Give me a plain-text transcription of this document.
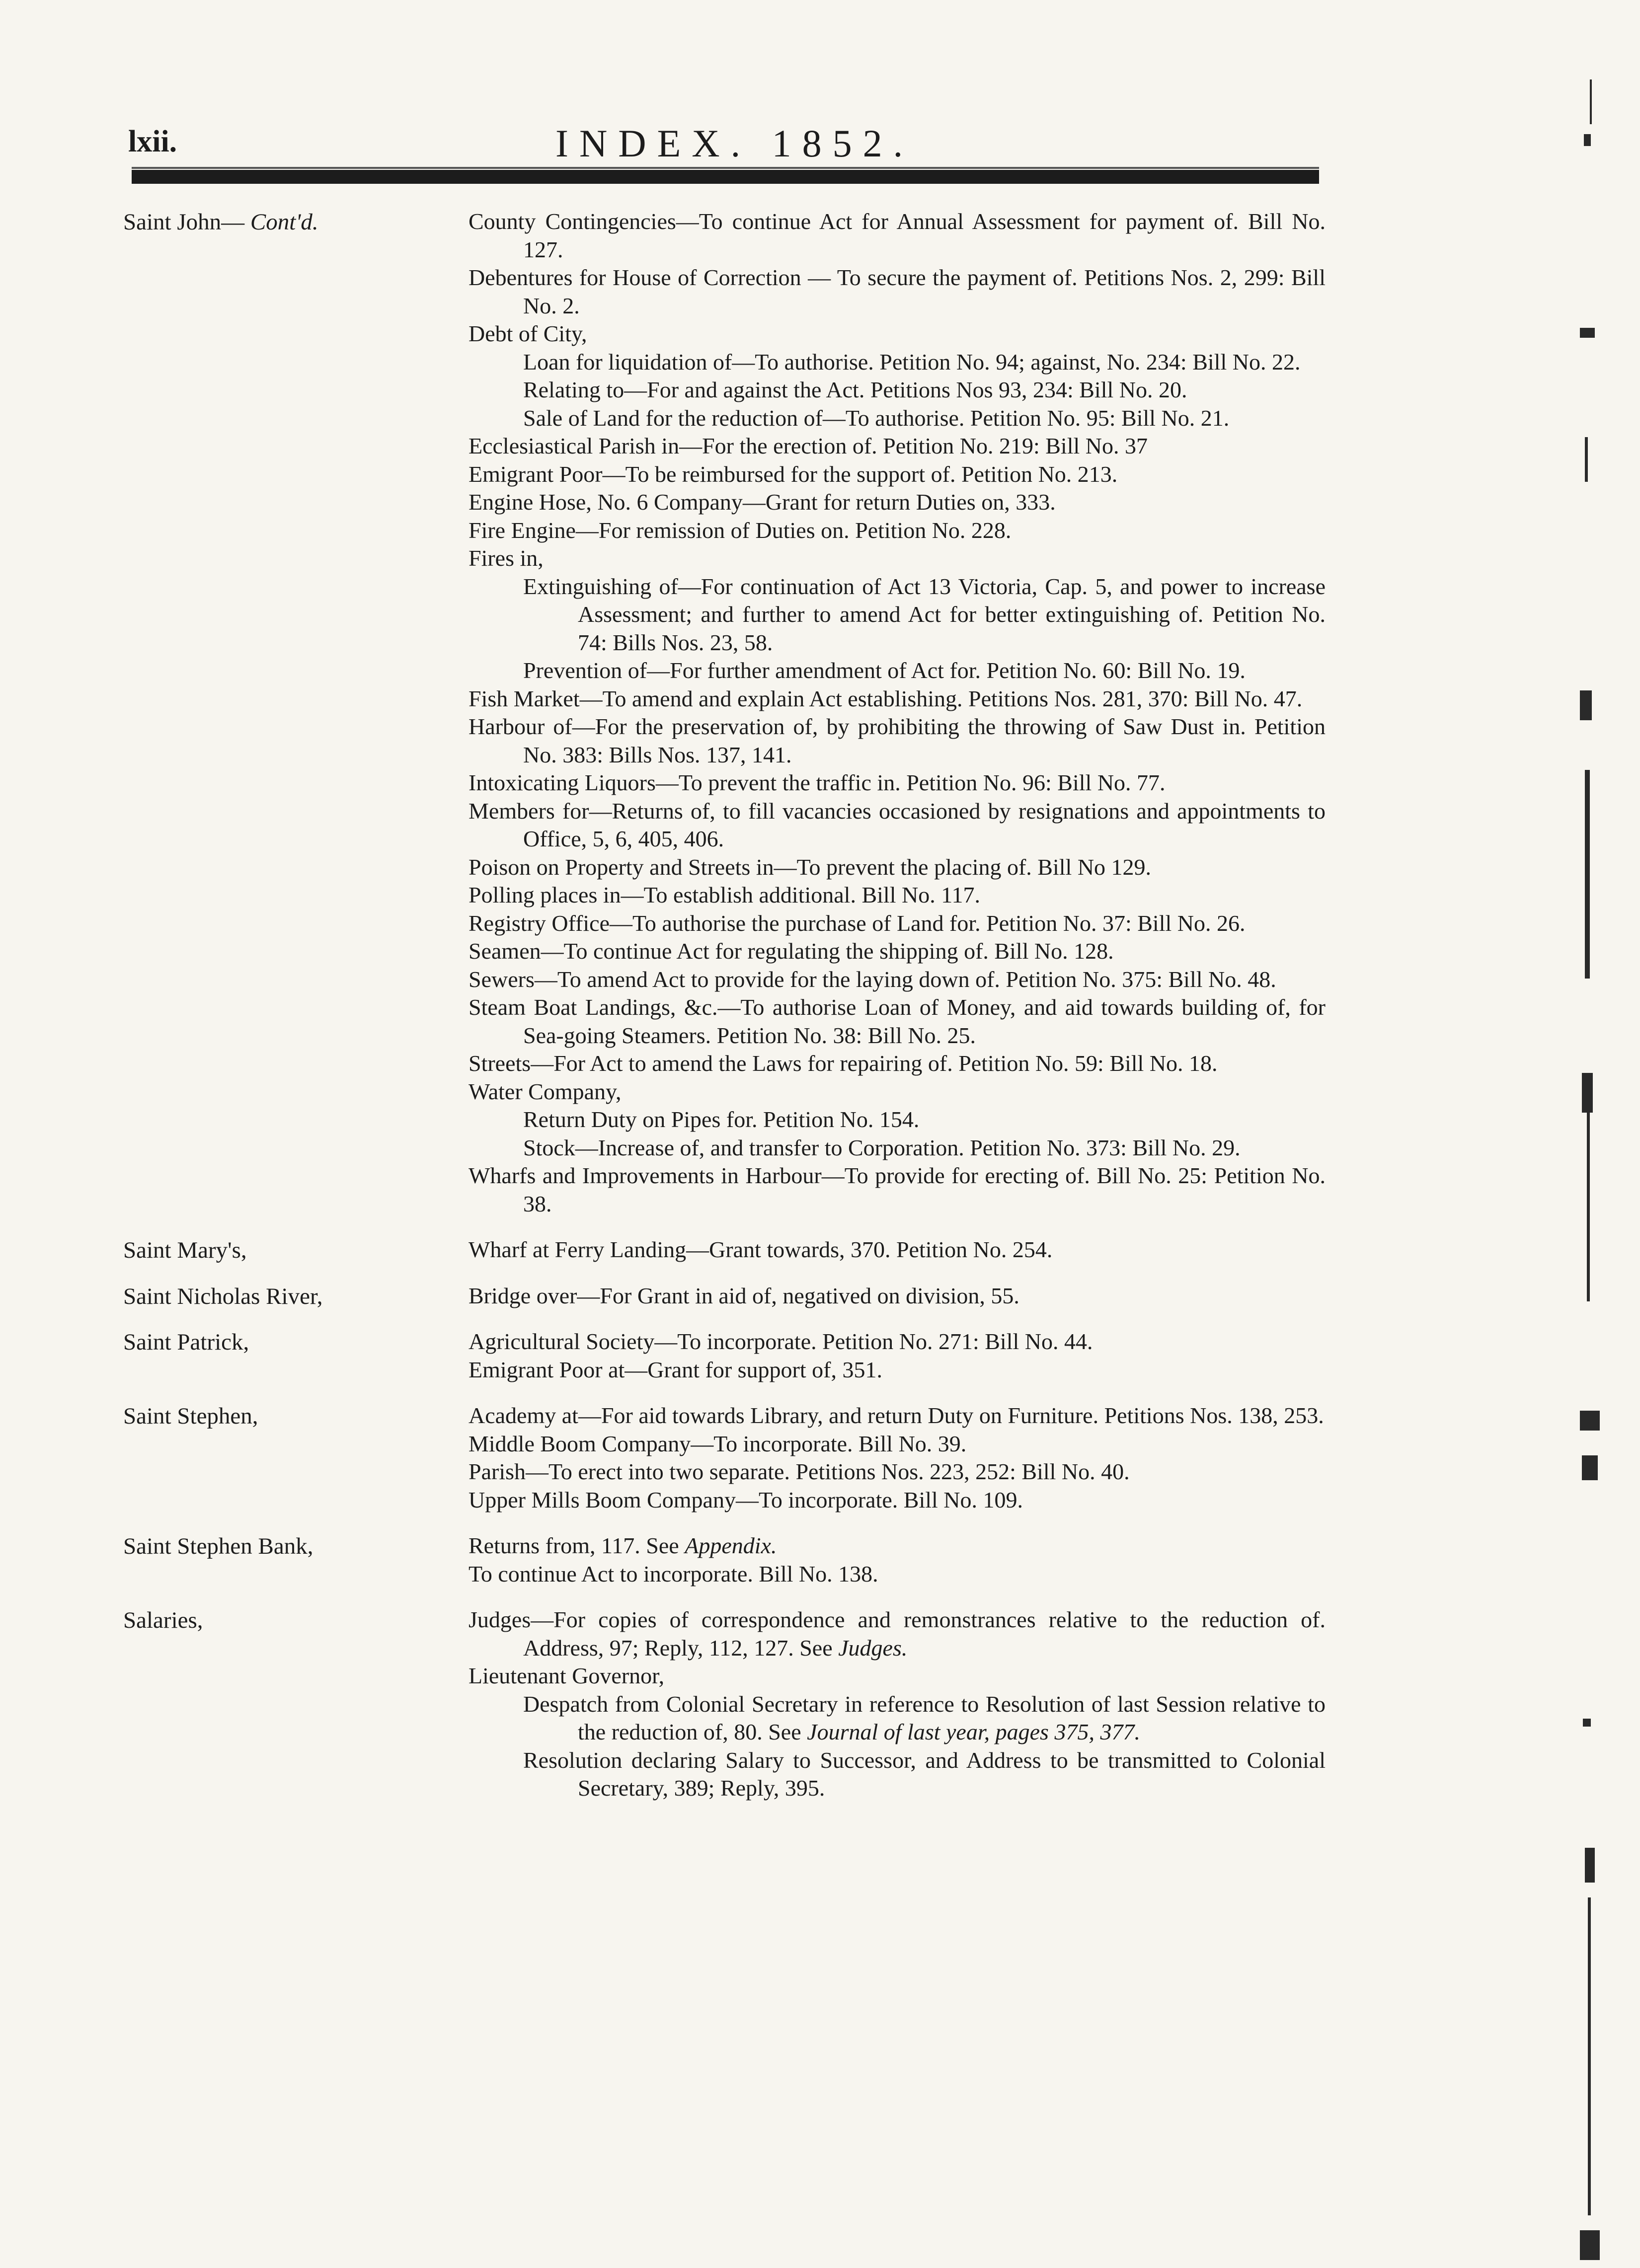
lxii.	INDEX. 1852.
Saint John— Cont'd.	County Contingencies—To continue Act for Annual Assessment for payment of. Bill No. 127.
Debentures for House of Correction — To secure the payment of. Petitions Nos. 2, 299: Bill No. 2.
Debt of City,
Loan for liquidation of—To authorise. Petition No. 94; against, No. 234: Bill No. 22.
Relating to—For and against the Act. Petitions Nos 93, 234: Bill No. 20.
Sale of Land for the reduction of—To authorise. Petition No. 95: Bill No. 21.
Ecclesiastical Parish in—For the erection of. Petition No. 219: Bill No. 37
Emigrant Poor—To be reimbursed for the support of. Petition No. 213.
Engine Hose, No. 6 Company—Grant for return Duties on, 333.
Fire Engine—For remission of Duties on. Petition No. 228.
Fires in,
Extinguishing of—For continuation of Act 13 Victoria, Cap. 5, and power to increase Assessment; and further to amend Act for better extinguishing of. Petition No. 74: Bills Nos. 23, 58.
Prevention of—For further amendment of Act for. Petition No. 60: Bill No. 19.
Fish Market—To amend and explain Act establishing. Petitions Nos. 281, 370: Bill No. 47.
Harbour of—For the preservation of, by prohibiting the throwing of Saw Dust in. Petition No. 383: Bills Nos. 137, 141.
Intoxicating Liquors—To prevent the traffic in. Petition No. 96: Bill No. 77.
Members for—Returns of, to fill vacancies occasioned by resignations and appointments to Office, 5, 6, 405, 406.
Poison on Property and Streets in—To prevent the placing of. Bill No 129.
Polling places in—To establish additional. Bill No. 117.
Registry Office—To authorise the purchase of Land for. Petition No. 37: Bill No. 26.
Seamen—To continue Act for regulating the shipping of. Bill No. 128.
Sewers—To amend Act to provide for the laying down of. Petition No. 375: Bill No. 48.
Steam Boat Landings, &c.—To authorise Loan of Money, and aid towards building of, for Sea-going Steamers. Petition No. 38: Bill No. 25.
Streets—For Act to amend the Laws for repairing of. Petition No. 59: Bill No. 18.
Water Company,
Return Duty on Pipes for. Petition No. 154.
Stock—Increase of, and transfer to Corporation. Petition No. 373: Bill No. 29.
Wharfs and Improvements in Harbour—To provide for erecting of. Bill No. 25: Petition No. 38.
Saint Mary's,	Wharf at Ferry Landing—Grant towards, 370. Petition No. 254.
Saint Nicholas River,	Bridge over—For Grant in aid of, negatived on division, 55.
Saint Patrick,	Agricultural Society—To incorporate. Petition No. 271: Bill No. 44.
Emigrant Poor at—Grant for support of, 351.
Saint Stephen,	Academy at—For aid towards Library, and return Duty on Furniture. Petitions Nos. 138, 253.
Middle Boom Company—To incorporate. Bill No. 39.
Parish—To erect into two separate. Petitions Nos. 223, 252: Bill No. 40.
Upper Mills Boom Company—To incorporate. Bill No. 109.
Saint Stephen Bank,	Returns from, 117. See Appendix.
To continue Act to incorporate. Bill No. 138.
Salaries,	Judges—For copies of correspondence and remonstrances relative to the reduction of. Address, 97; Reply, 112, 127. See Judges.
Lieutenant Governor,
Despatch from Colonial Secretary in reference to Resolution of last Session relative to the reduction of, 80. See Journal of last year, pages 375, 377.
Resolution declaring Salary to Successor, and Address to be transmitted to Colonial Secretary, 389; Reply, 395.
